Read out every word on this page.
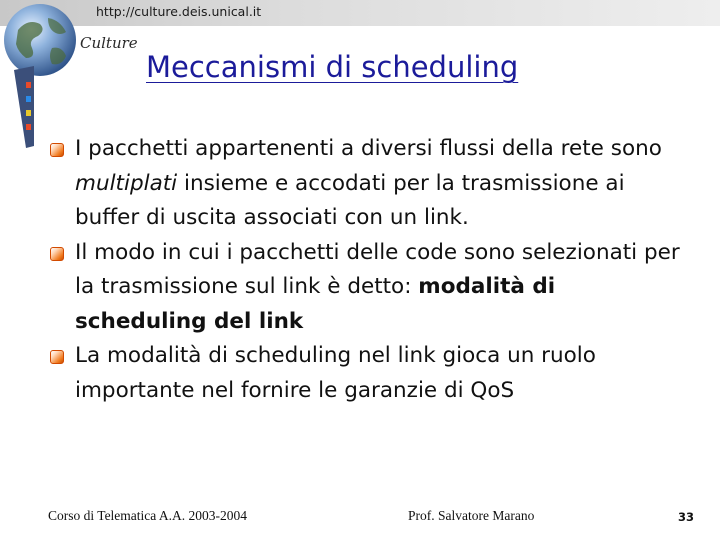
http://culture.deis.unical.it
Culture
Meccanismi di scheduling
I pacchetti appartenenti a diversi flussi della rete sono multiplati insieme e accodati per la trasmissione ai buffer di uscita associati con un link.
Il modo in cui i pacchetti delle code sono selezionati per la trasmissione sul link è detto: modalità di scheduling del link
La modalità di scheduling nel link gioca un ruolo importante nel fornire le garanzie di QoS
Corso di Telematica A.A. 2003-2004	Prof. Salvatore Marano	33
